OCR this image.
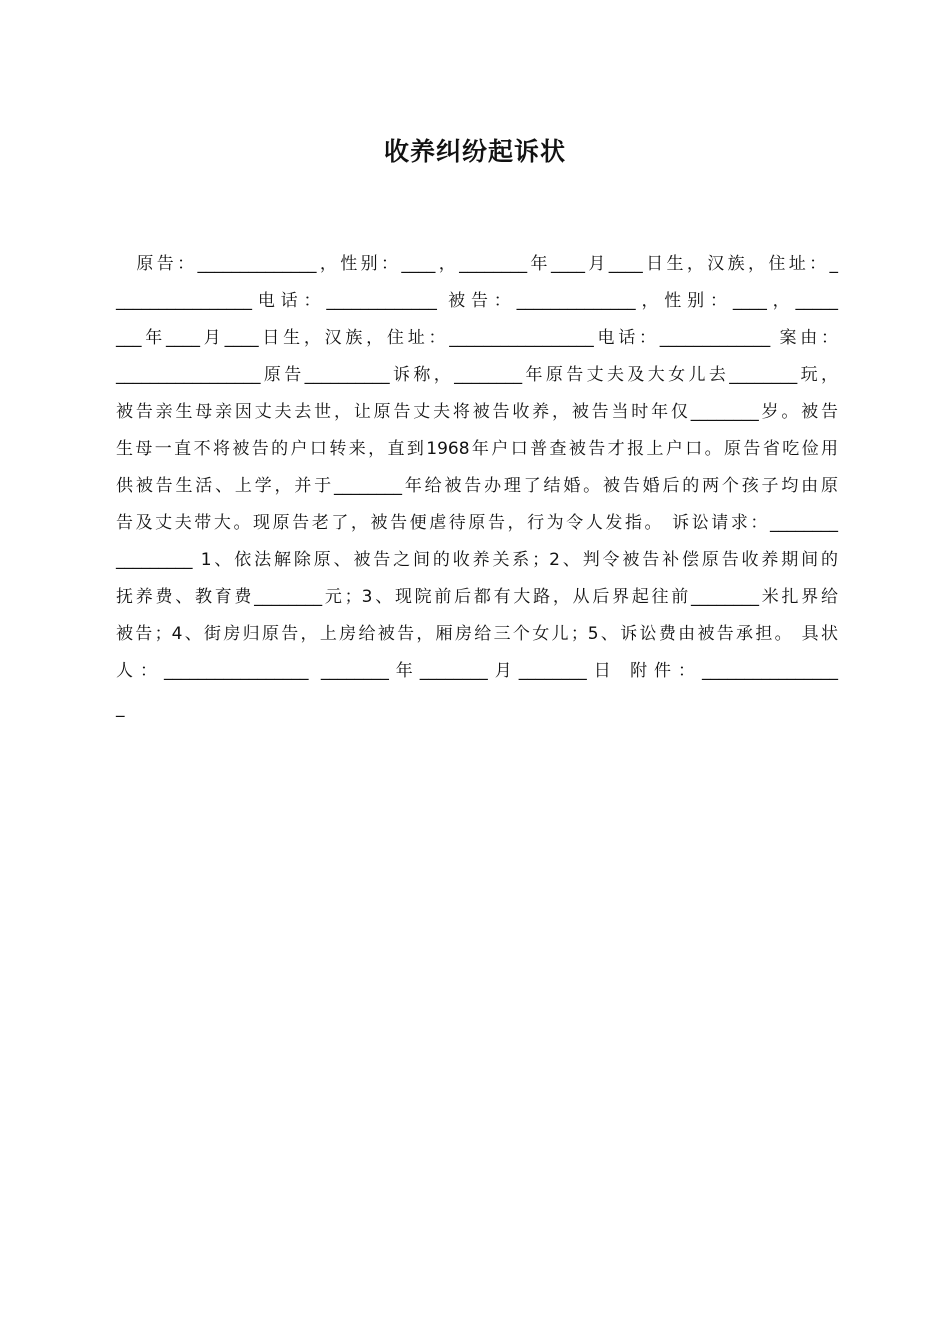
收养纠纷起诉状
　原告：______________，性别：____，________年____月____日生，汉族，住址：_
________________电话：_____________ 被告：______________，性别：____，_____
___年____月____日生，汉族，住址：_________________电话：_____________ 案由：
_________________原告__________诉称，________年原告丈夫及大女儿去________玩，
被告亲生母亲因丈夫去世，让原告丈夫将被告收养，被告当时年仅________岁。被告
生母一直不将被告的户口转来，直到1968年户口普查被告才报上户口。原告省吃俭用
供被告生活、上学，并于________年给被告办理了结婚。被告婚后的两个孩子均由原
告及丈夫带大。现原告老了，被告便虐待原告，行为令人发指。 诉讼请求：________
_________ 1、依法解除原、被告之间的收养关系；2、判令被告补偿原告收养期间的
抚养费、教育费________元；3、现院前后都有大路，从后界起往前________米扎界给
被告；4、街房归原告，上房给被告，厢房给三个女儿；5、诉讼费由被告承担。 具状
人：_________________ ________年________月________日 附件：________________
_
